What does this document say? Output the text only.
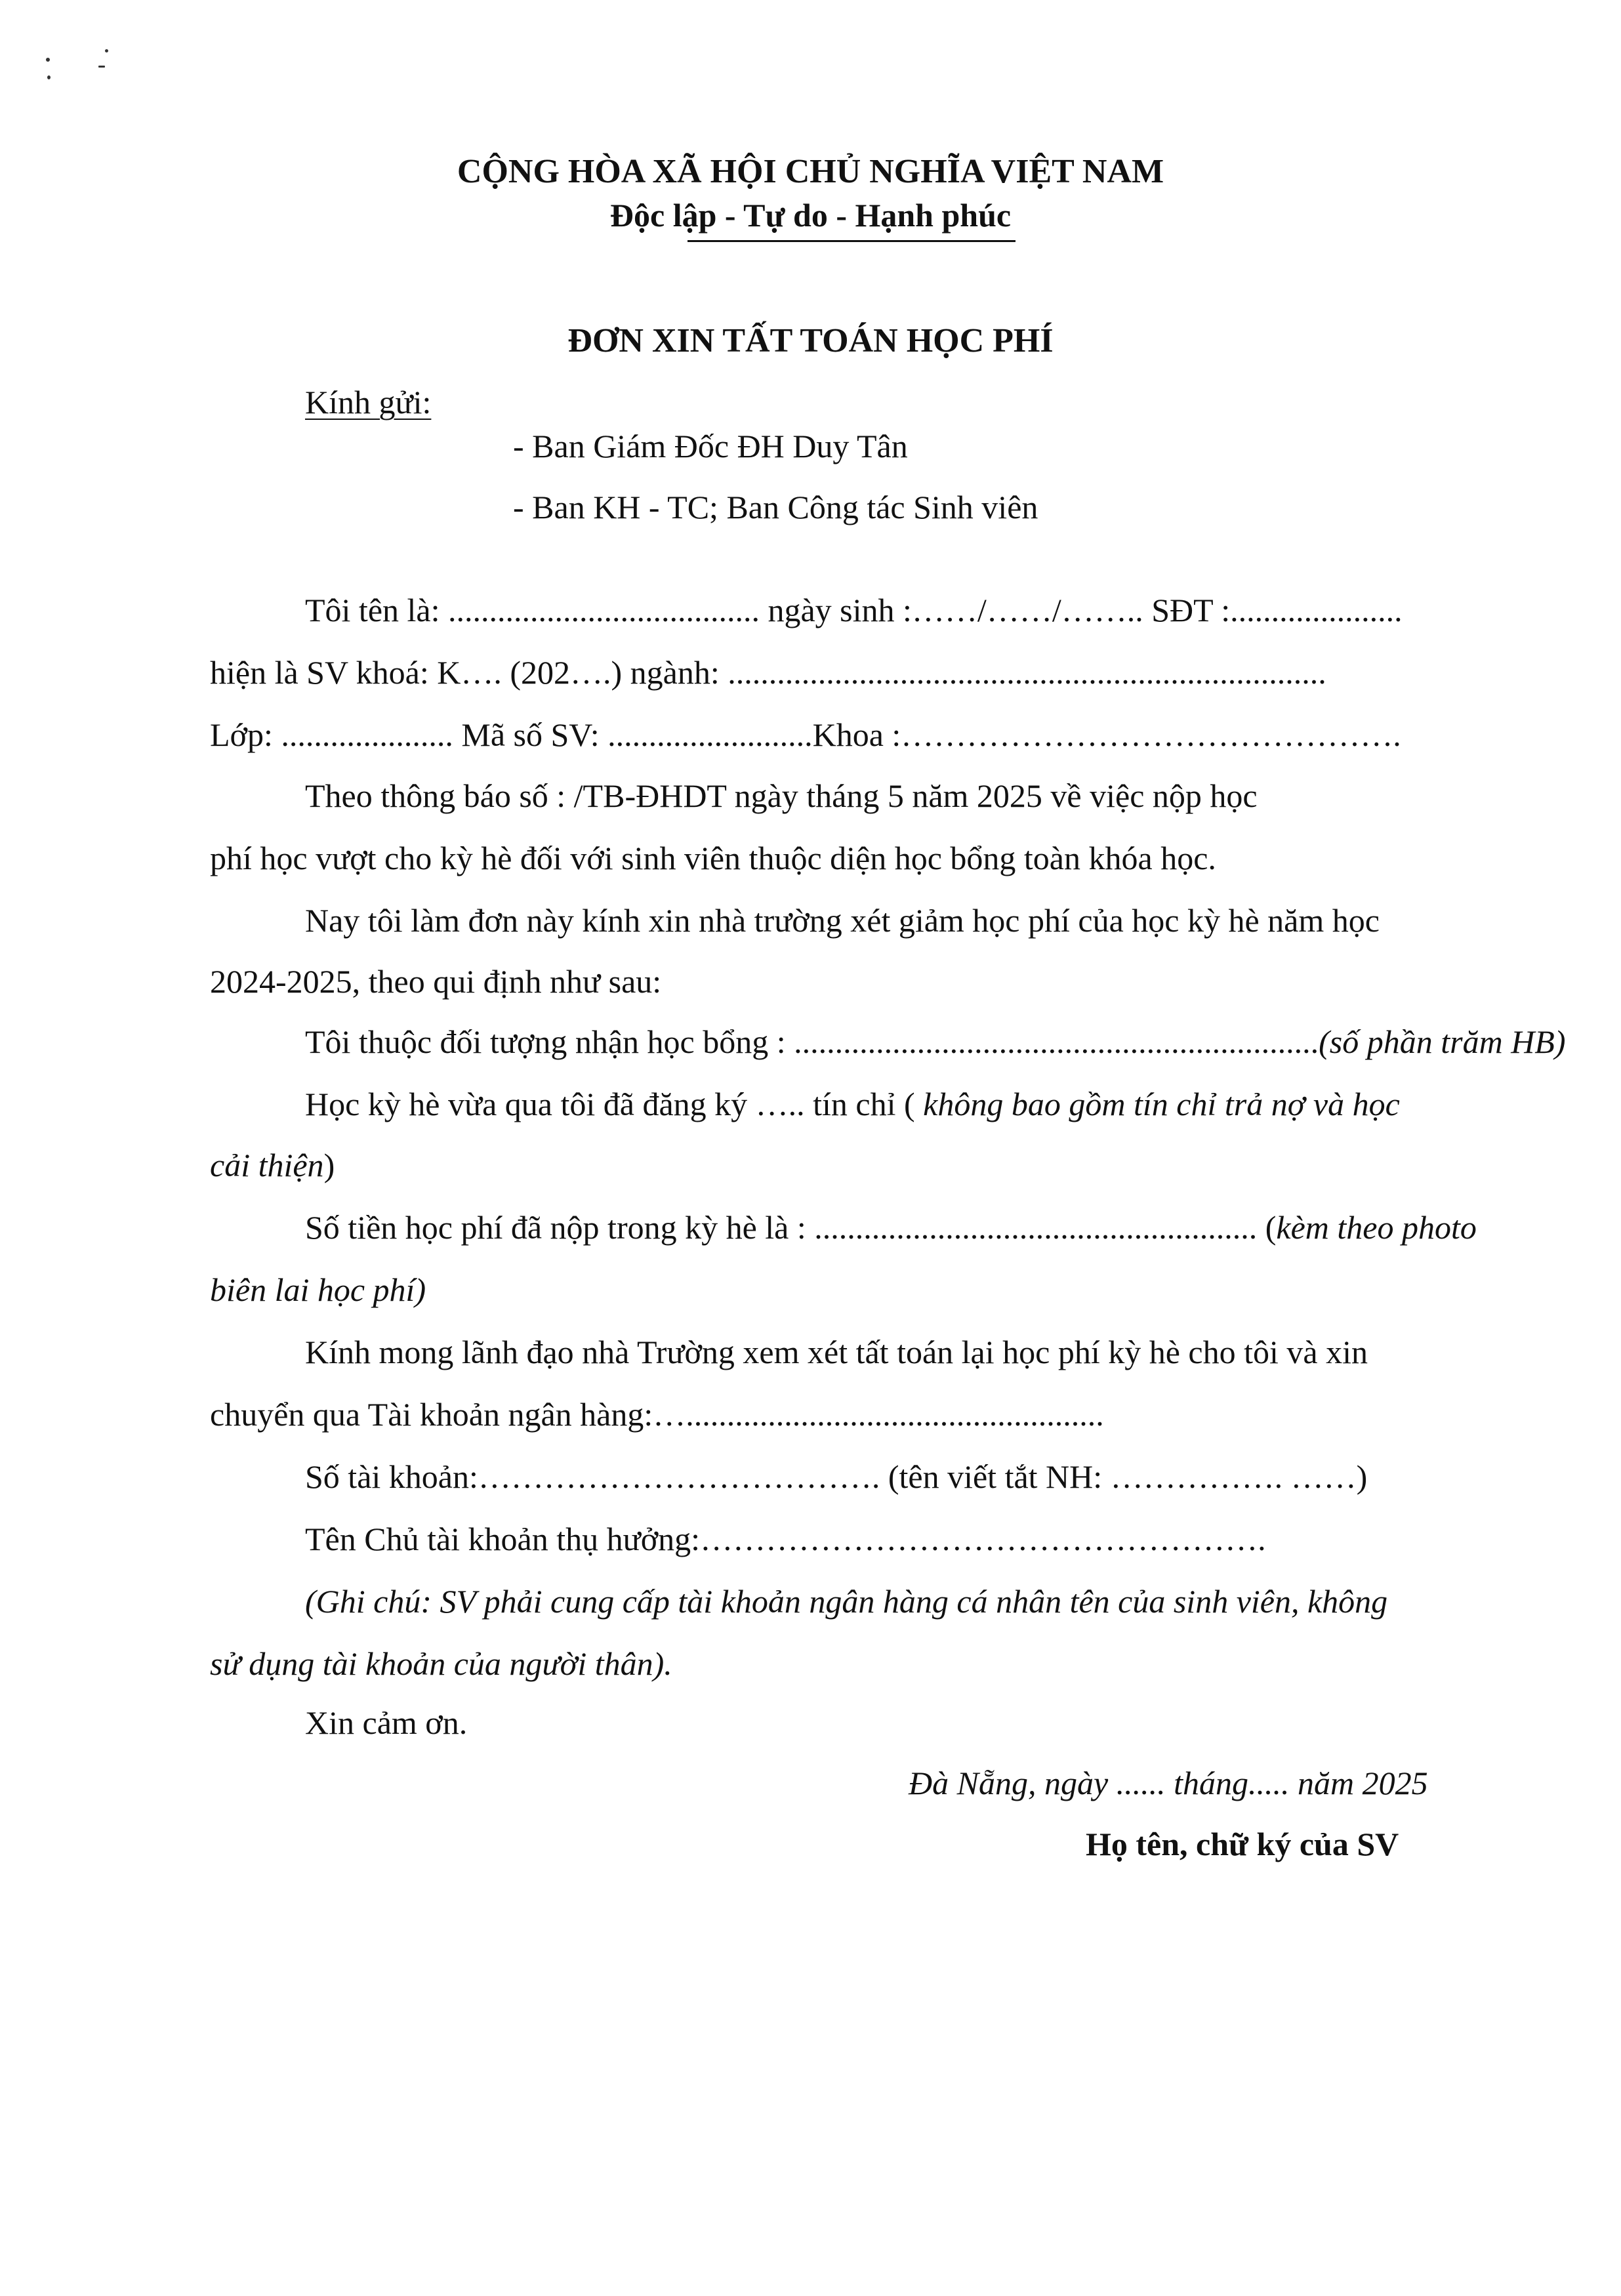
CỘNG HÒA XÃ HỘI CHỦ NGHĨA VIỆT NAM
Độc lập - Tự do - Hạnh phúc
ĐƠN XIN TẤT TOÁN HỌC PHÍ
Kính gửi:
- Ban Giám Đốc ĐH Duy Tân
- Ban KH - TC; Ban Công tác Sinh viên
Tôi tên là: ...................................... ngày sinh :……/……/…….. SĐT :.....................
hiện là SV khoá: K…. (202….) ngành: .........................................................................
Lớp: ..................... Mã số SV: .........................Khoa :……………………………………….
Theo thông báo số : /TB-ĐHDT ngày tháng 5 năm 2025 về việc nộp học
phí học vượt cho kỳ hè đối với sinh viên thuộc diện học bổng toàn khóa học.
Nay tôi làm đơn này kính xin nhà trường xét giảm học phí của học kỳ hè năm học
2024-2025, theo qui định như sau:
Tôi thuộc đối tượng nhận học bổng : ................................................................(số phần trăm HB)
Học kỳ hè vừa qua tôi đã đăng ký ….. tín chỉ ( không bao gồm tín chỉ trả nợ và học
cải thiện)
Số tiền học phí đã nộp trong kỳ hè là : ...................................................... (kèm theo photo
biên lai học phí)
Kính mong lãnh đạo nhà Trường xem xét tất toán lại học phí kỳ hè cho tôi và xin
chuyển qua Tài khoản ngân hàng:…...................................................
Số tài khoản:………………………………. (tên viết tắt NH: ……………. ……)
Tên Chủ tài khoản thụ hưởng:…………………………………………….
(Ghi chú: SV phải cung cấp tài khoản ngân hàng cá nhân tên của sinh viên, không
sử dụng tài khoản của người thân).
Xin cảm ơn.
Đà Nẵng, ngày ...... tháng..... năm 2025
Họ tên, chữ ký của SV
